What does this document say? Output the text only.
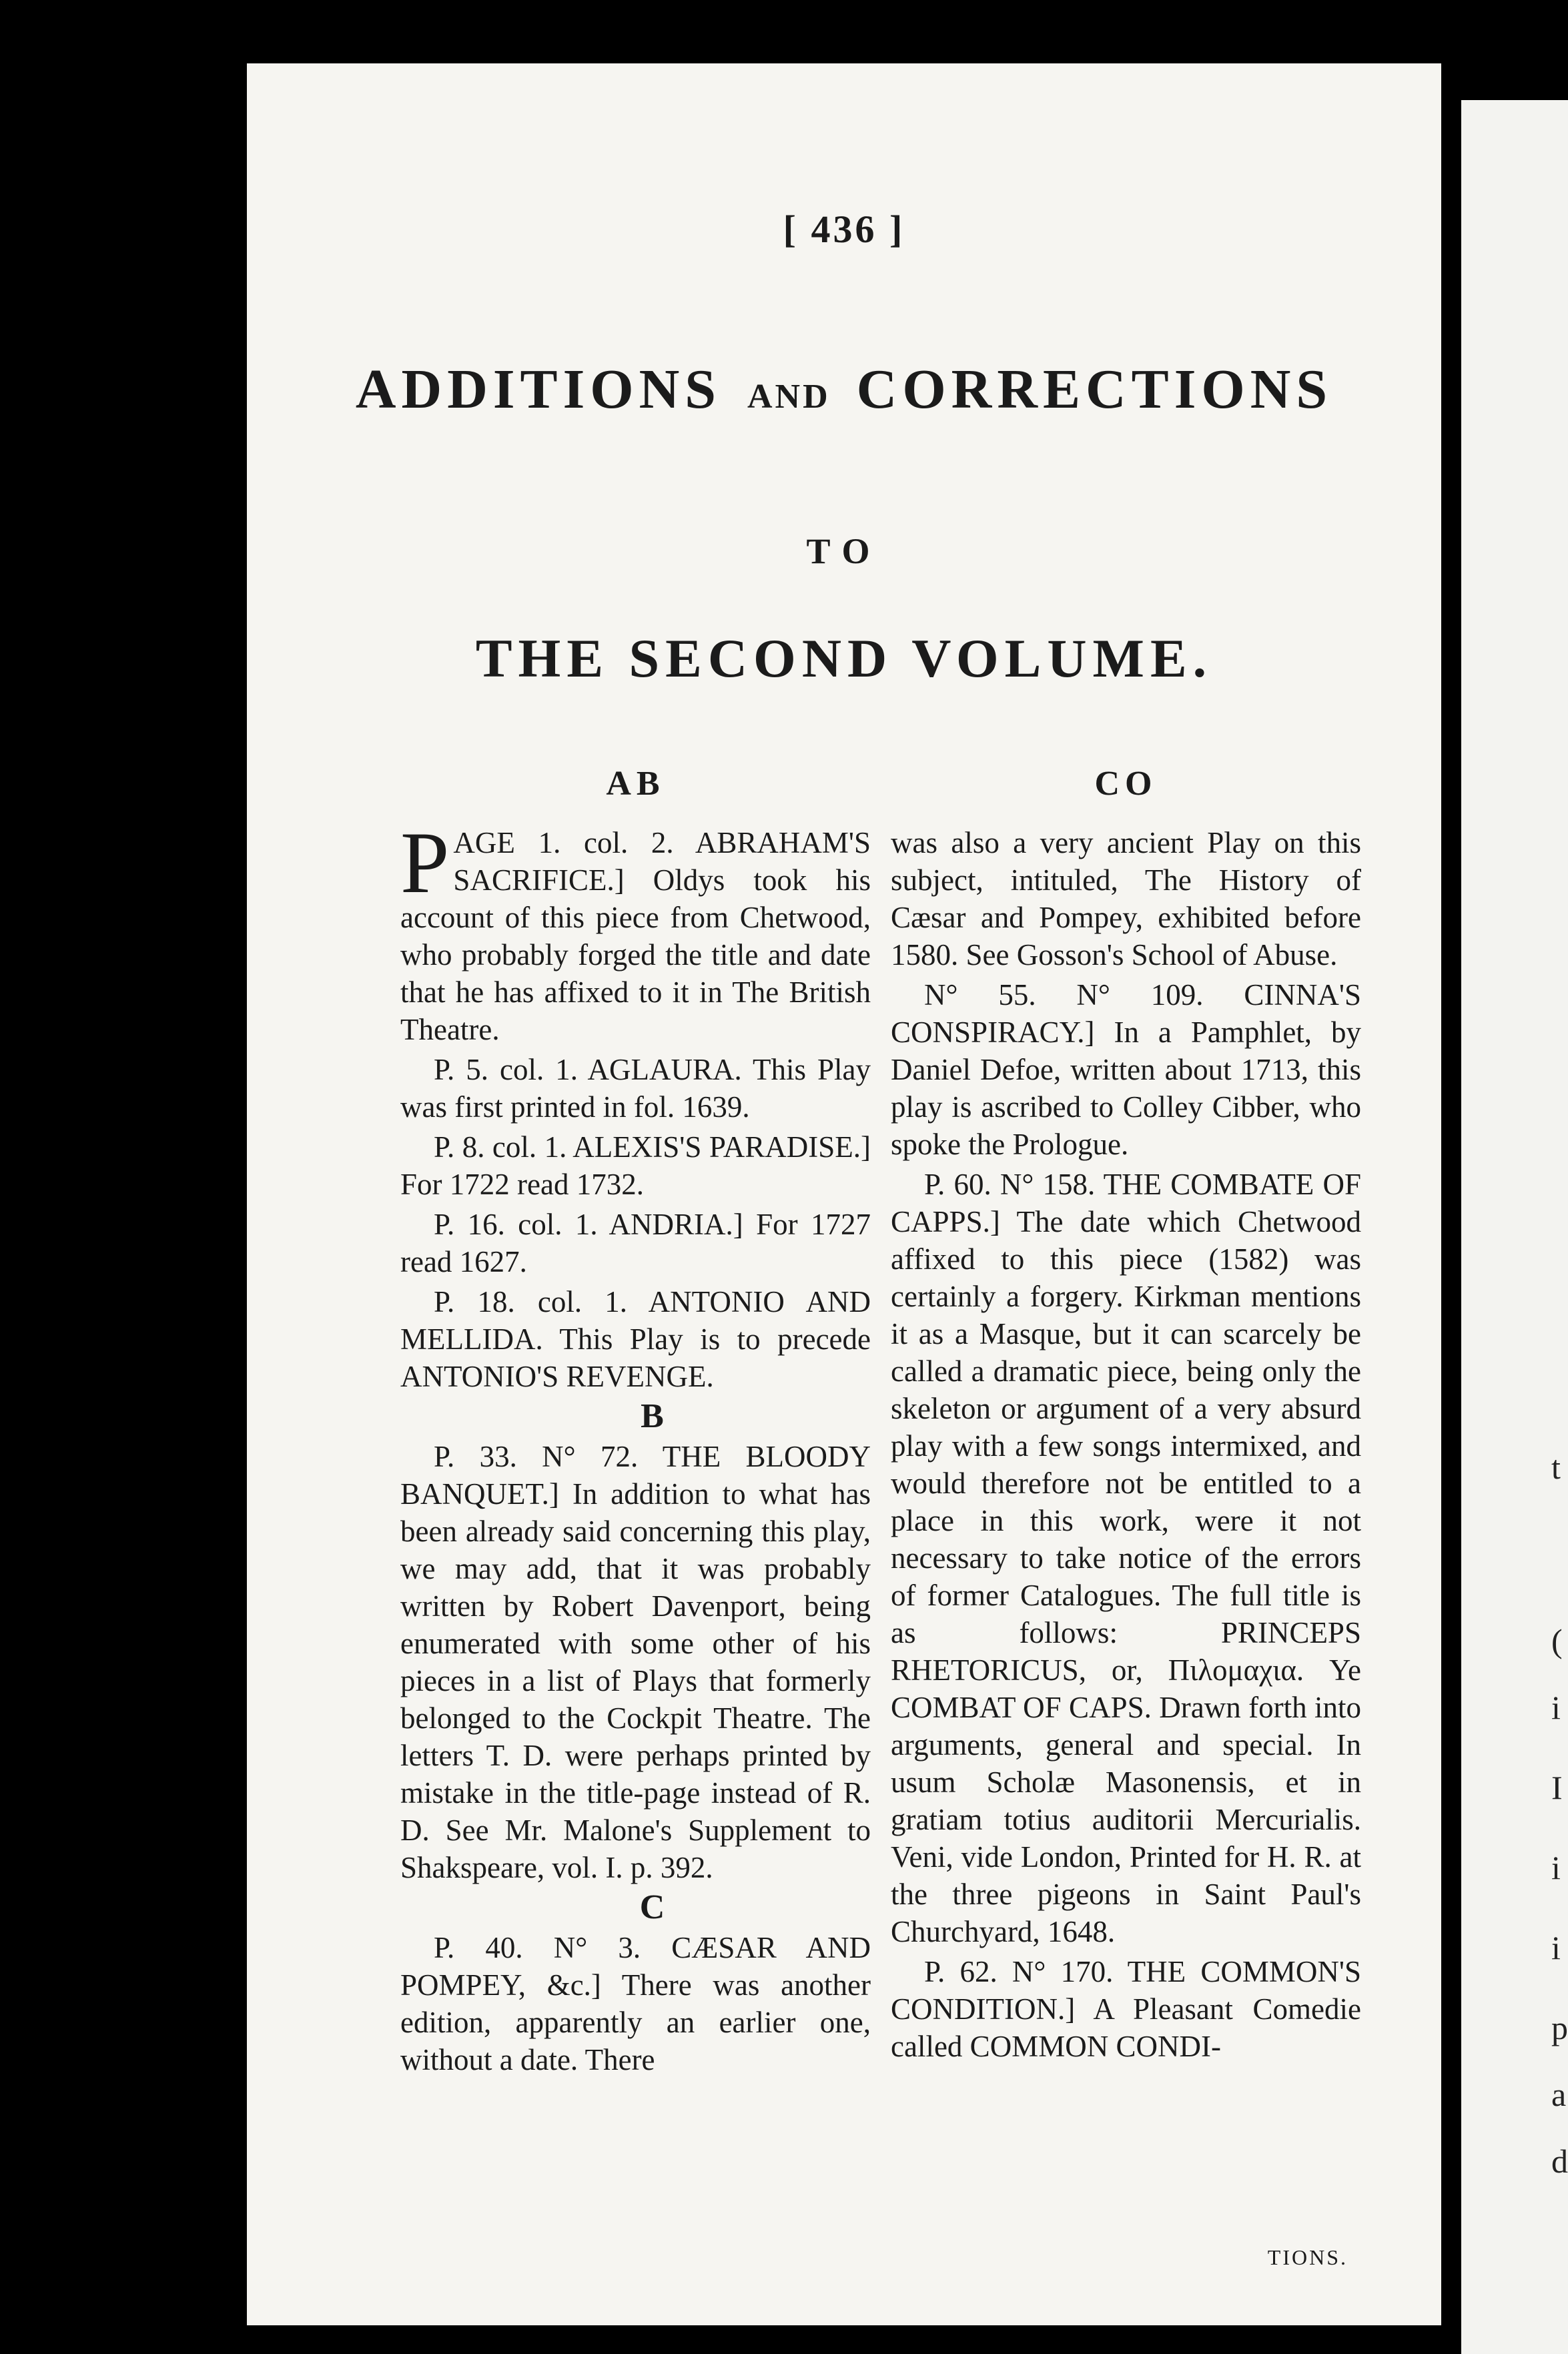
[ 436 ]
ADDITIONS AND CORRECTIONS
TO
THE SECOND VOLUME.
AB	CO

P AGE 1. col. 2. ABRAHAM'S SACRIFICE.] Oldys took his account of this piece from Chetwood, who probably forged the title and date that he has affixed to it in The British Theatre.

P. 5. col. 1. AGLAURA. This Play was first printed in fol. 1639.

P. 8. col. 1. ALEXIS'S PARADISE.] For 1722 read 1732.

P. 16. col. 1. ANDRIA.] For 1727 read 1627.

P. 18. col. 1. ANTONIO AND MELLIDA. This Play is to precede ANTONIO'S REVENGE.

B

P. 33. N° 72. THE BLOODY BANQUET.] In addition to what has been already said concerning this play, we may add, that it was probably written by Robert Davenport, being enumerated with some other of his pieces in a list of Plays that formerly belonged to the Cockpit Theatre. The letters T. D. were perhaps printed by mistake in the title-page instead of R. D. See Mr. Malone's Supplement to Shakspeare, vol. I. p. 392.

C

P. 40. N° 3. CÆSAR AND POMPEY, &c.] There was another edition, apparently an earlier one, without a date. There

was also a very ancient Play on this subject, intituled, The History of Cæsar and Pompey, exhibited before 1580. See Gosson's School of Abuse.

N° 55. N° 109. CINNA'S CONSPIRACY.] In a Pamphlet, by Daniel Defoe, written about 1713, this play is ascribed to Colley Cibber, who spoke the Prologue.

P. 60. N° 158. THE COMBATE OF CAPPS.] The date which Chetwood affixed to this piece (1582) was certainly a forgery. Kirkman mentions it as a Masque, but it can scarcely be called a dramatic piece, being only the skeleton or argument of a very absurd play with a few songs intermixed, and would therefore not be entitled to a place in this work, were it not necessary to take notice of the errors of former Catalogues. The full title is as follows: PRINCEPS RHETORICUS, or, Πιλομαχια. Ye COMBAT OF CAPS. Drawn forth into arguments, general and special. In usum Scholæ Masonensis, et in gratiam totius auditorii Mercurialis. Veni, vide London, Printed for H. R. at the three pigeons in Saint Paul's Churchyard, 1648.

P. 62. N° 170. THE COMMON'S CONDITION.] A Pleasant Comedie called COMMON CONDI-

TIONS.
t
(
i
I
i
i
p
a
d
